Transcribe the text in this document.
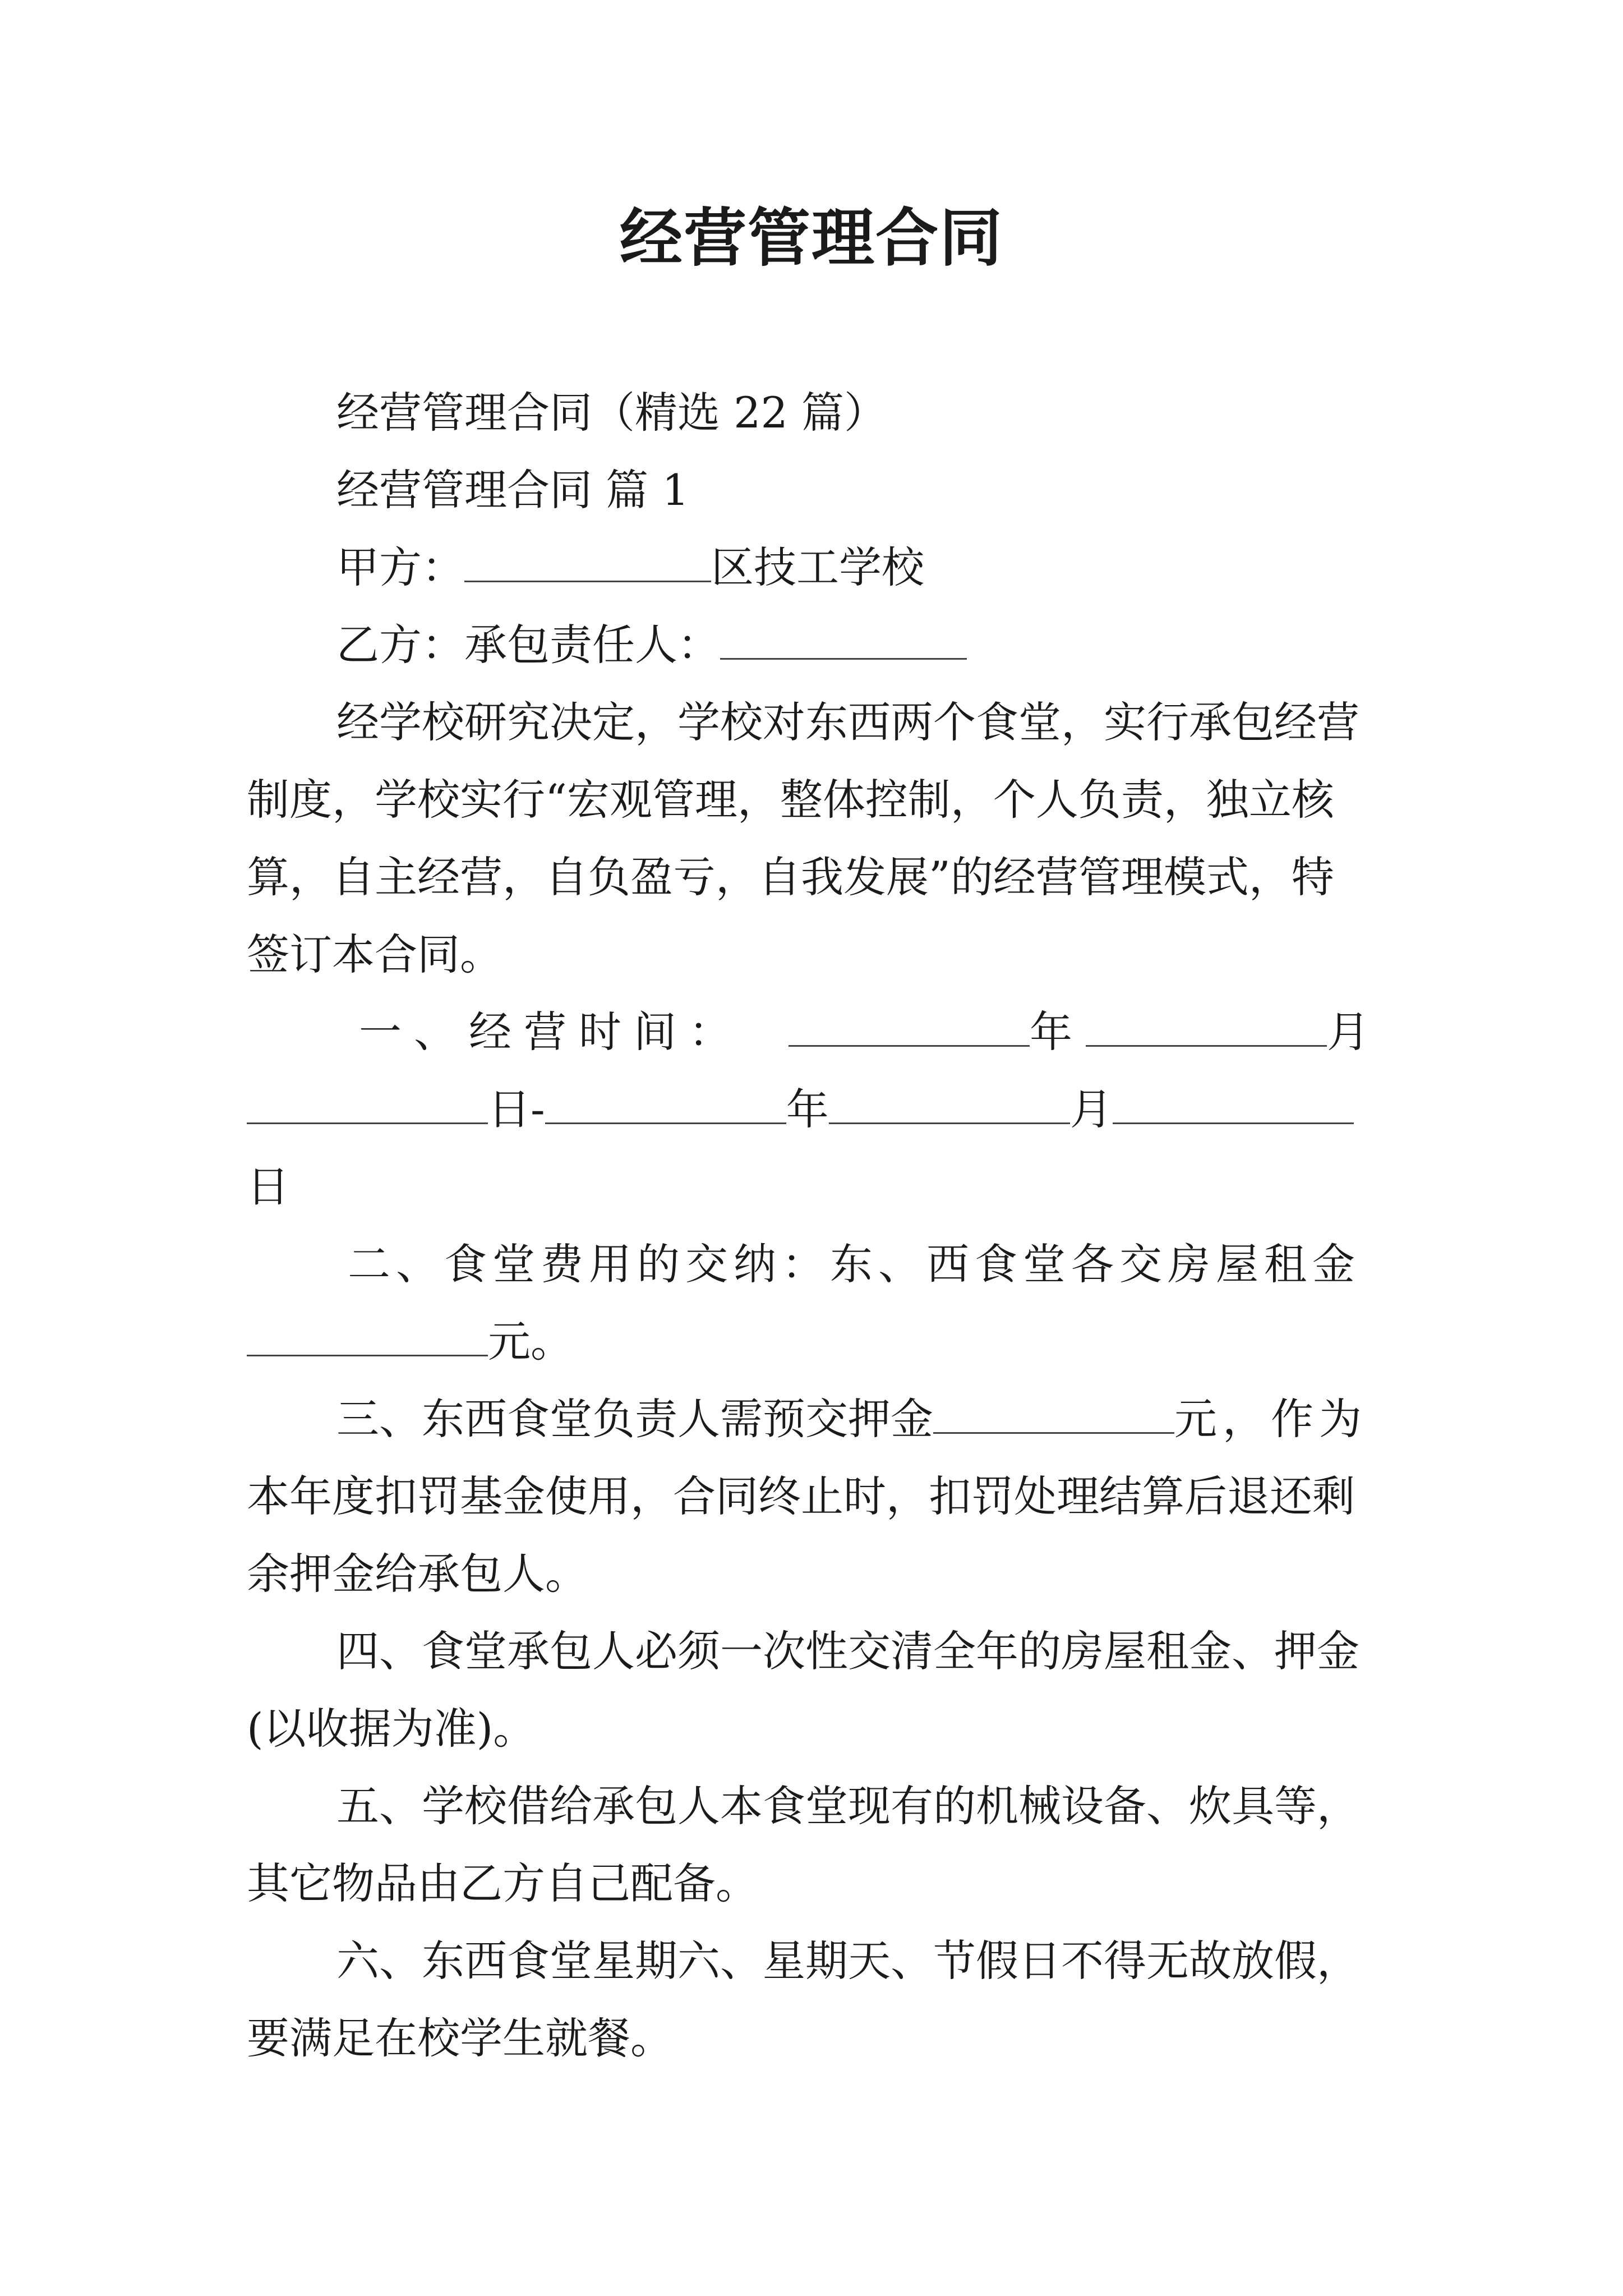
经营管理合同
经营管理合同（精选 22 篇）
经营管理合同 篇 1
甲方：	区技工学校
乙方：承包责任人：
经学校研究决定，学校对东西两个食堂，实行承包经营
制度，学校实行“宏观管理，整体控制，个人负责，独立核
算，自主经营，自负盈亏，自我发展”的经营管理模式，特
签订本合同。
一、经营时间：	年	月
日-	年	月
日
二、食堂费用的交纳：东、西食堂各交房屋租金
元。
三、东西食堂负责人需预交押金	元，作为
本年度扣罚基金使用，合同终止时，扣罚处理结算后退还剩
余押金给承包人。
四、食堂承包人必须一次性交清全年的房屋租金、押金
(以收据为准)。
五、学校借给承包人本食堂现有的机械设备、炊具等，
其它物品由乙方自己配备。
六、东西食堂星期六、星期天、节假日不得无故放假，
要满足在校学生就餐。
